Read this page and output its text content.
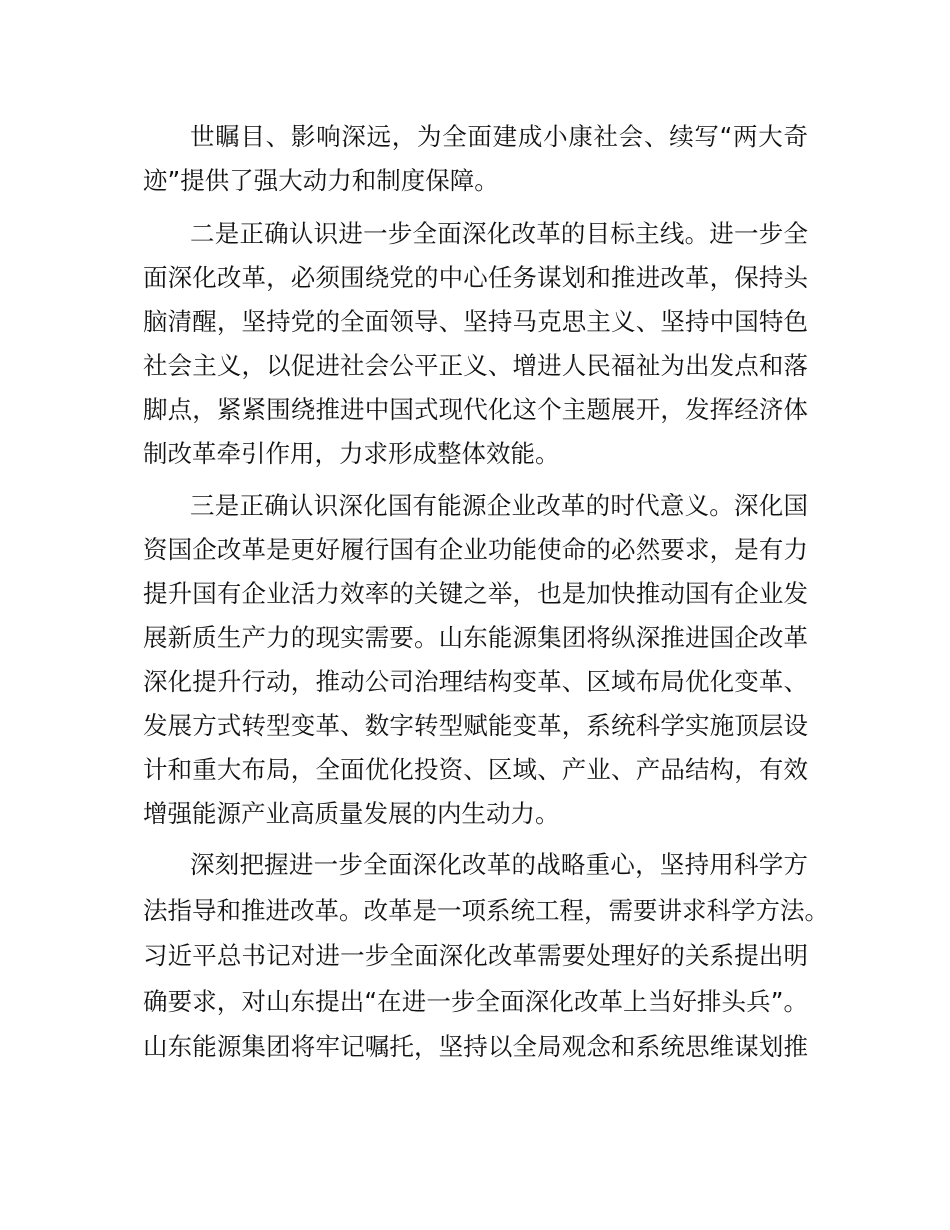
世瞩目、影响深远，为全面建成小康社会、续写“两大奇
迹”提供了强大动力和制度保障。
二是正确认识进一步全面深化改革的目标主线。进一步全
面深化改革，必须围绕党的中心任务谋划和推进改革，保持头
脑清醒，坚持党的全面领导、坚持马克思主义、坚持中国特色
社会主义，以促进社会公平正义、增进人民福祉为出发点和落
脚点，紧紧围绕推进中国式现代化这个主题展开，发挥经济体
制改革牵引作用，力求形成整体效能。
三是正确认识深化国有能源企业改革的时代意义。深化国
资国企改革是更好履行国有企业功能使命的必然要求，是有力
提升国有企业活力效率的关键之举，也是加快推动国有企业发
展新质生产力的现实需要。山东能源集团将纵深推进国企改革
深化提升行动，推动公司治理结构变革、区域布局优化变革、
发展方式转型变革、数字转型赋能变革，系统科学实施顶层设
计和重大布局，全面优化投资、区域、产业、产品结构，有效
增强能源产业高质量发展的内生动力。
深刻把握进一步全面深化改革的战略重心，坚持用科学方
法指导和推进改革。改革是一项系统工程，需要讲求科学方法。
习近平总书记对进一步全面深化改革需要处理好的关系提出明
确要求，对山东提出“在进一步全面深化改革上当好排头兵”。
山东能源集团将牢记嘱托，坚持以全局观念和系统思维谋划推
